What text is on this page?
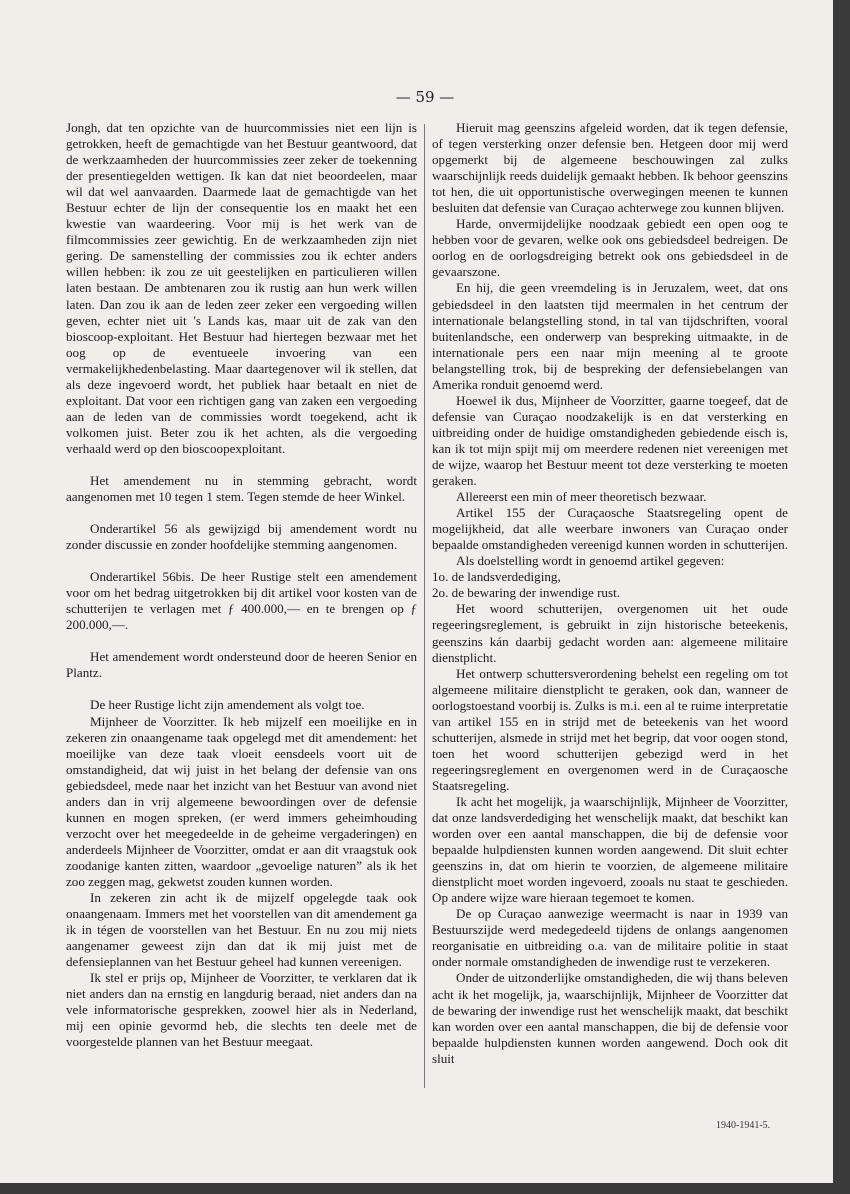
— 59 —

Jongh, dat ten opzichte van de huurcommissies niet een lijn is getrokken, heeft de gemachtigde van het Bestuur geantwoord, dat de werkzaamheden der huurcommissies zeer zeker de toekenning der presentiegelden wettigen. Ik kan dat niet beoordeelen, maar wil dat wel aanvaarden. Daarmede laat de gemachtigde van het Bestuur echter de lijn der consequentie los en maakt het een kwestie van waardeering. Voor mij is het werk van de filmcommissies zeer gewichtig. En de werkzaamheden zijn niet gering. De samenstelling der commissies zou ik echter anders willen hebben: ik zou ze uit geestelijken en particulieren willen laten bestaan. De ambtenaren zou ik rustig aan hun werk willen laten. Dan zou ik aan de leden zeer zeker een vergoeding willen geven, echter niet uit 's Lands kas, maar uit de zak van den bioscoop-exploitant. Het Bestuur had hiertegen bezwaar met het oog op de eventueele invoering van een vermakelijkhedenbelasting. Maar daartegenover wil ik stellen, dat als deze ingevoerd wordt, het publiek haar betaalt en niet de exploitant. Dat voor een richtigen gang van zaken een vergoeding aan de leden van de commissies wordt toegekend, acht ik volkomen juist. Beter zou ik het achten, als die vergoeding verhaald werd op den bioscoopexploitant.

Het amendement nu in stemming gebracht, wordt aangenomen met 10 tegen 1 stem. Tegen stemde de heer Winkel.

Onderartikel 56 als gewijzigd bij amendement wordt nu zonder discussie en zonder hoofdelijke stemming aangenomen.

Onderartikel 56bis. De heer Rustige stelt een amendement voor om het bedrag uitgetrokken bij dit artikel voor kosten van de schutterijen te verlagen met ƒ 400.000,— en te brengen op ƒ 200.000,—.

Het amendement wordt ondersteund door de heeren Senior en Plantz.

De heer Rustige licht zijn amendement als volgt toe.

Mijnheer de Voorzitter. Ik heb mijzelf een moeilijke en in zekeren zin onaangename taak opgelegd met dit amendement: het moeilijke van deze taak vloeit eensdeels voort uit de omstandigheid, dat wij juist in het belang der defensie van ons gebiedsdeel, mede naar het inzicht van het Bestuur van avond niet anders dan in vrij algemeene bewoordingen over de defensie kunnen en mogen spreken, (er werd immers geheimhouding verzocht over het meegedeelde in de geheime vergaderingen) en anderdeels Mijnheer de Voorzitter, omdat er aan dit vraagstuk ook zoodanige kanten zitten, waardoor „gevoelige naturen” als ik het zoo zeggen mag, gekwetst zouden kunnen worden.

In zekeren zin acht ik de mijzelf opgelegde taak ook onaangenaam. Immers met het voorstellen van dit amendement ga ik in tégen de voorstellen van het Bestuur. En nu zou mij niets aangenamer geweest zijn dan dat ik mij juist met de defensieplannen van het Bestuur geheel had kunnen vereenigen.

Ik stel er prijs op, Mijnheer de Voorzitter, te verklaren dat ik niet anders dan na ernstig en langdurig beraad, niet anders dan na vele informatorische gesprekken, zoowel hier als in Nederland, mij een opinie gevormd heb, die slechts ten deele met de voorgestelde plannen van het Bestuur meegaat.

Hieruit mag geenszins afgeleid worden, dat ik tegen defensie, of tegen versterking onzer defensie ben. Hetgeen door mij werd opgemerkt bij de algemeene beschouwingen zal zulks waarschijnlijk reeds duidelijk gemaakt hebben. Ik behoor geenszins tot hen, die uit opportunistische overwegingen meenen te kunnen besluiten dat defensie van Curaçao achterwege zou kunnen blijven.

Harde, onvermijdelijke noodzaak gebiedt een open oog te hebben voor de gevaren, welke ook ons gebiedsdeel bedreigen. De oorlog en de oorlogsdreiging betrekt ook ons gebiedsdeel in de gevaarszone.

En hij, die geen vreemdeling is in Jeruzalem, weet, dat ons gebiedsdeel in den laatsten tijd meermalen in het centrum der internationale belangstelling stond, in tal van tijdschriften, vooral buitenlandsche, een onderwerp van bespreking uitmaakte, in de internationale pers een naar mijn meening al te groote belangstelling trok, bij de bespreking der defensiebelangen van Amerika ronduit genoemd werd.

Hoewel ik dus, Mijnheer de Voorzitter, gaarne toegeef, dat de defensie van Curaçao noodzakelijk is en dat versterking en uitbreiding onder de huidige omstandigheden gebiedende eisch is, kan ik tot mijn spijt mij om meerdere redenen niet vereenigen met de wijze, waarop het Bestuur meent tot deze versterking te moeten geraken.

Allereerst een min of meer theoretisch bezwaar.

Artikel 155 der Curaçaosche Staatsregeling opent de mogelijkheid, dat alle weerbare inwoners van Curaçao onder bepaalde omstandigheden vereenigd kunnen worden in schutterijen.

Als doelstelling wordt in genoemd artikel gegeven:

1o. de landsverdediging,

2o. de bewaring der inwendige rust.

Het woord schutterijen, overgenomen uit het oude regeeringsreglement, is gebruikt in zijn historische beteekenis, geenszins kán daarbij gedacht worden aan: algemeene militaire dienstplicht.

Het ontwerp schuttersverordening behelst een regeling om tot algemeene militaire dienstplicht te geraken, ook dan, wanneer de oorlogstoestand voorbij is. Zulks is m.i. een al te ruime interpretatie van artikel 155 en in strijd met de beteekenis van het woord schutterijen, alsmede in strijd met het begrip, dat voor oogen stond, toen het woord schutterijen gebezigd werd in het regeeringsreglement en overgenomen werd in de Curaçaosche Staatsregeling.

Ik acht het mogelijk, ja waarschijnlijk, Mijnheer de Voorzitter, dat onze landsverdediging het wenschelijk maakt, dat beschikt kan worden over een aantal manschappen, die bij de defensie voor bepaalde hulpdiensten kunnen worden aangewend. Dit sluit echter geenszins in, dat om hierin te voorzien, de algemeene militaire dienstplicht moet worden ingevoerd, zooals nu staat te geschieden. Op andere wijze ware hieraan tegemoet te komen.

De op Curaçao aanwezige weermacht is naar in 1939 van Bestuurszijde werd medegedeeld tijdens de onlangs aangenomen reorganisatie en uitbreiding o.a. van de militaire politie in staat onder normale omstandigheden de inwendige rust te verzekeren.

Onder de uitzonderlijke omstandigheden, die wij thans beleven acht ik het mogelijk, ja, waarschijnlijk, Mijnheer de Voorzitter dat de bewaring der inwendige rust het wenschelijk maakt, dat beschikt kan worden over een aantal manschappen, die bij de defensie voor bepaalde hulpdiensten kunnen worden aangewend. Doch ook dit sluit

1940-1941-5.
